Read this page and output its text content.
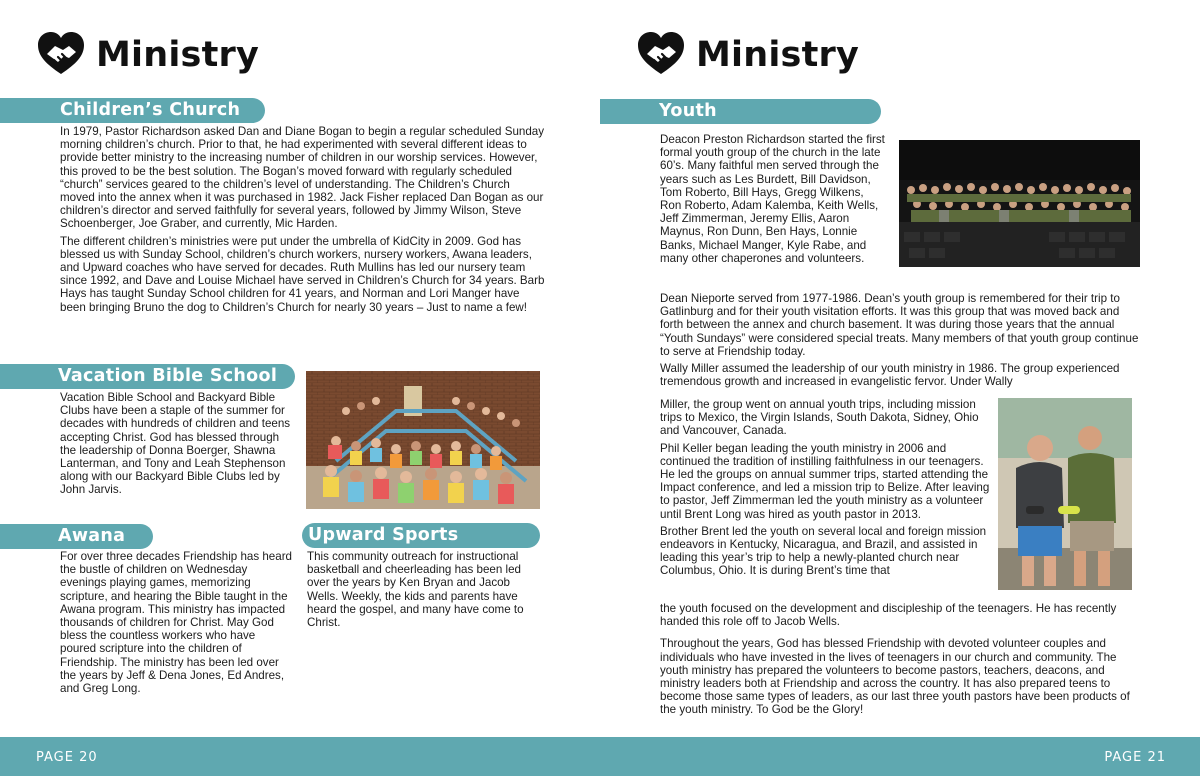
Ministry
Children’s Church

In 1979, Pastor Richardson asked Dan and Diane Bogan to begin a regular scheduled Sunday morning children’s church. Prior to that, he had experimented with several different ideas to provide better ministry to the increasing number of children in our worship services. However, this proved to be the best solution. The Bogan’s moved forward with regularly scheduled “church” services geared to the children’s level of understanding. The Children’s Church moved into the annex when it was purchased in 1982. Jack Fisher replaced Dan Bogan as our children’s director and served faithfully for several years, followed by Jimmy Wilson, Steve Schoenberger, Joe Graber, and currently, Mic Harden.

The different children’s ministries were put under the umbrella of KidCity in 2009. God has blessed us with Sunday School, children’s church workers, nursery workers, Awana leaders, and Upward coaches who have served for decades. Ruth Mullins has led our nursery team since 1992, and Dave and Louise Michael have served in Children’s Church for 34 years. Barb Hays has taught Sunday School children for 41 years, and Norman and Lori Manger have been bringing Bruno the dog to Children’s Church for nearly 30 years – Just to name a few!

Vacation Bible School

Vacation Bible School and Backyard Bible Clubs have been a staple of the summer for decades with hundreds of children and teens accepting Christ. God has blessed through the leadership of Donna Boerger, Shawna Lanterman, and Tony and Leah Stephenson along with our Backyard Bible Clubs led by John Jarvis.

Awana

For over three decades Friendship has heard the bustle of children on Wednesday evenings playing games, memorizing scripture, and hearing the Bible taught in the Awana program. This ministry has impacted thousands of children for Christ. May God bless the countless workers who have poured scripture into the children of Friendship. The ministry has been led over the years by Jeff & Dena Jones, Ed Andres, and Greg Long.

Upward Sports

This community outreach for instructional basketball and cheerleading has been led over the years by Ken Bryan and Jacob Wells. Weekly, the kids and parents have heard the gospel, and many have come to Christ.

Ministry
Youth

Deacon Preston Richardson started the first formal youth group of the church in the late 60’s. Many faithful men served through the years such as Les Burdett, Bill Davidson, Tom Roberto, Bill Hays, Gregg Wilkens, Ron Roberto, Adam Kalemba, Keith Wells, Jeff Zimmerman, Jeremy Ellis, Aaron Maynus, Ron Dunn, Ben Hays, Lonnie Banks, Michael Manger, Kyle Rabe, and many other chaperones and volunteers.

Dean Nieporte served from 1977-1986. Dean’s youth group is remembered for their trip to Gatlinburg and for their youth visitation efforts. It was this group that was moved back and forth between the annex and church basement. It was during those years that the annual “Youth Sundays” were considered special treats. Many members of that youth group continue to serve at Friendship today.

Wally Miller assumed the leadership of our youth ministry in 1986. The group experienced tremendous growth and increased in evangelistic fervor. Under Wally

Miller, the group went on annual youth trips, including mission trips to Mexico, the Virgin Islands, South Dakota, Sidney, Ohio and Vancouver, Canada.

Phil Keller began leading the youth ministry in 2006 and continued the tradition of instilling faithfulness in our teenagers. He led the groups on annual summer trips, started attending the Impact conference, and led a mission trip to Belize. After leaving to pastor, Jeff Zimmerman led the youth ministry as a volunteer until Brent Long was hired as youth pastor in 2013.

Brother Brent led the youth on several local and foreign mission endeavors in Kentucky, Nicaragua, and Brazil, and assisted in leading this year’s trip to help a newly-planted church near Columbus, Ohio. It is during Brent’s time that

the youth focused on the development and discipleship of the teenagers. He has recently handed this role off to Jacob Wells.

Throughout the years, God has blessed Friendship with devoted volunteer couples and individuals who have invested in the lives of teenagers in our church and community. The youth ministry has prepared the volunteers to become pastors, teachers, deacons, and ministry leaders both at Friendship and across the country. It has also prepared teens to become those same types of leaders, as our last three youth pastors have been products of the youth ministry. To God be the Glory!

PAGE 20	PAGE 21
